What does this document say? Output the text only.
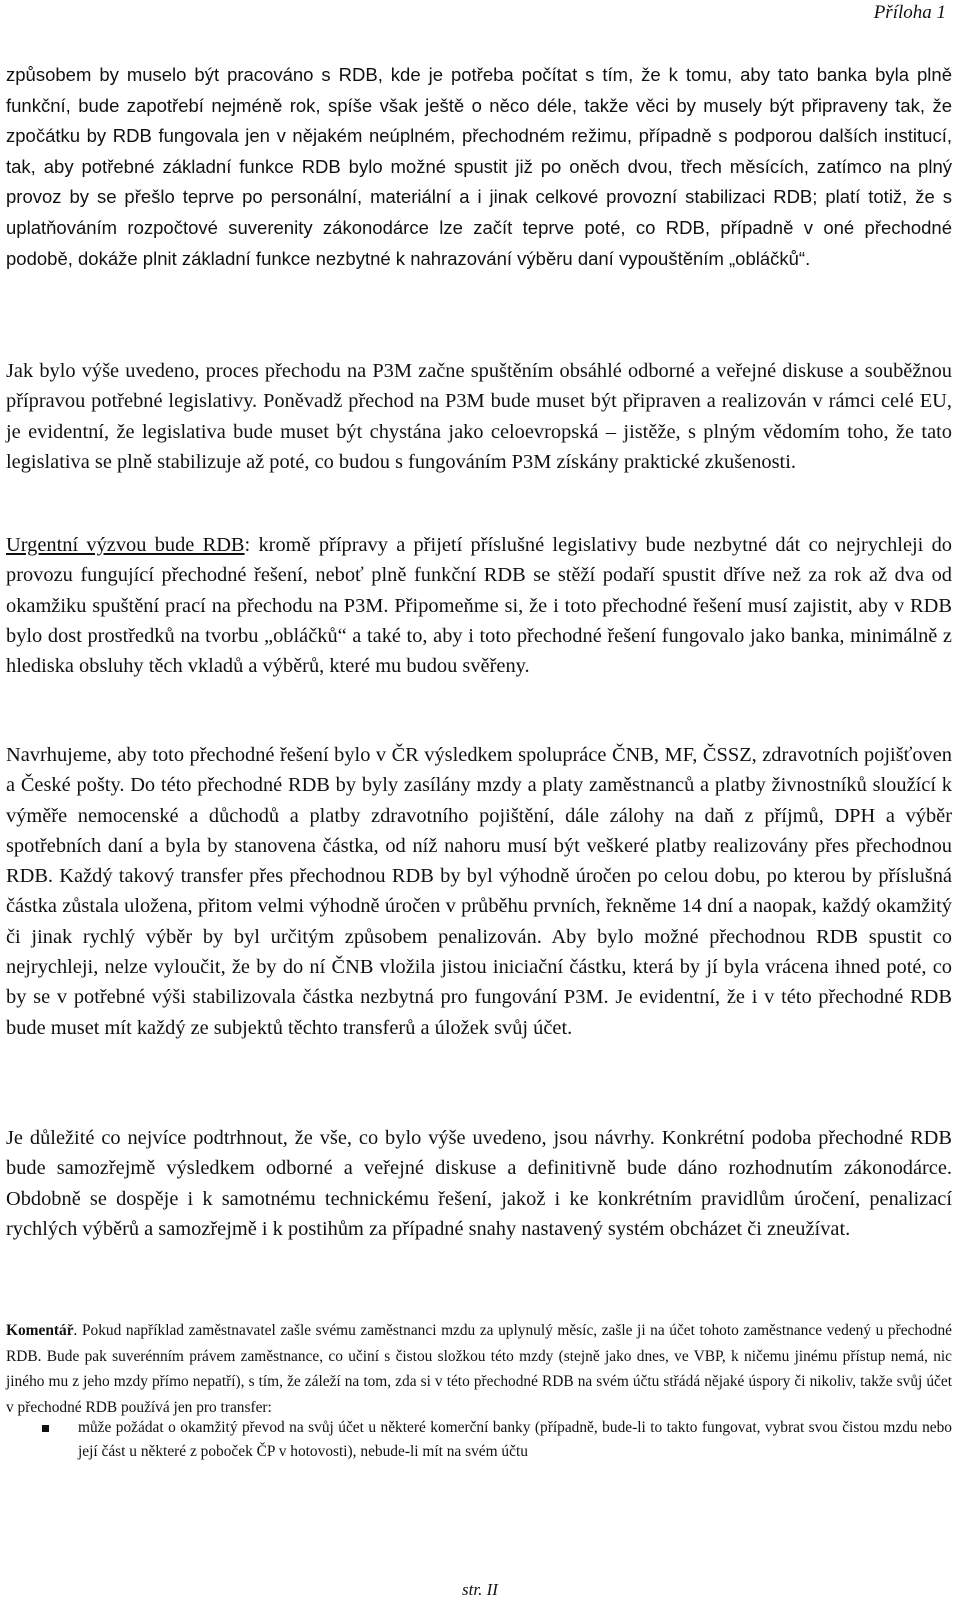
Příloha 1

způsobem by muselo být pracováno s RDB, kde je potřeba počítat s tím, že k tomu, aby tato banka byla plně funkční, bude zapotřebí nejméně rok, spíše však ještě o něco déle, takže věci by musely být připraveny tak, že zpočátku by RDB fungovala jen v nějakém neúplném, přechodném režimu, případně s podporou dalších institucí, tak, aby potřebné základní funkce RDB bylo možné spustit již po oněch dvou, třech měsících, zatímco na plný provoz by se přešlo teprve po personální, materiální a i jinak celkové provozní stabilizaci RDB; platí totiž, že s uplatňováním rozpočtové suverenity zákonodárce lze začít teprve poté, co RDB, případně v oné přechodné podobě, dokáže plnit základní funkce nezbytné k nahrazování výběru daní vypouštěním „obláčků“.

Jak bylo výše uvedeno, proces přechodu na P3M začne spuštěním obsáhlé odborné a veřejné diskuse a souběžnou přípravou potřebné legislativy. Poněvadž přechod na P3M bude muset být připraven a realizován v rámci celé EU, je evidentní, že legislativa bude muset být chystána jako celoevropská – jistěže, s plným vědomím toho, že tato legislativa se plně stabilizuje až poté, co budou s fungováním P3M získány praktické zkušenosti.

Urgentní výzvou bude RDB: kromě přípravy a přijetí příslušné legislativy bude nezbytné dát co nejrychleji do provozu fungující přechodné řešení, neboť plně funkční RDB se stěží podaří spustit dříve než za rok až dva od okamžiku spuštění prací na přechodu na P3M. Připomeňme si, že i toto přechodné řešení musí zajistit, aby v RDB bylo dost prostředků na tvorbu „obláčků“ a také to, aby i toto přechodné řešení fungovalo jako banka, minimálně z hlediska obsluhy těch vkladů a výběrů, které mu budou svěřeny.

Navrhujeme, aby toto přechodné řešení bylo v ČR výsledkem spolupráce ČNB, MF, ČSSZ, zdravotních pojišťoven a České pošty. Do této přechodné RDB by byly zasílány mzdy a platy zaměstnanců a platby živnostníků sloužící k výměře nemocenské a důchodů a platby zdravotního pojištění, dále zálohy na daň z příjmů, DPH a výběr spotřebních daní a byla by stanovena částka, od níž nahoru musí být veškeré platby realizovány přes přechodnou RDB. Každý takový transfer přes přechodnou RDB by byl výhodně úročen po celou dobu, po kterou by příslušná částka zůstala uložena, přitom velmi výhodně úročen v průběhu prvních, řekněme 14 dní a naopak, každý okamžitý či jinak rychlý výběr by byl určitým způsobem penalizován. Aby bylo možné přechodnou RDB spustit co nejrychleji, nelze vyloučit, že by do ní ČNB vložila jistou iniciační částku, která by jí byla vrácena ihned poté, co by se v potřebné výši stabilizovala částka nezbytná pro fungování P3M. Je evidentní, že i v této přechodné RDB bude muset mít každý ze subjektů těchto transferů a úložek svůj účet.

Je důležité co nejvíce podtrhnout, že vše, co bylo výše uvedeno, jsou návrhy. Konkrétní podoba přechodné RDB bude samozřejmě výsledkem odborné a veřejné diskuse a definitivně bude dáno rozhodnutím zákonodárce. Obdobně se dospěje i k samotnému technickému řešení, jakož i ke konkrétním pravidlům úročení, penalizací rychlých výběrů a samozřejmě i k postihům za případné snahy nastavený systém obcházet či zneužívat.

Komentář. Pokud například zaměstnavatel zašle svému zaměstnanci mzdu za uplynulý měsíc, zašle ji na účet tohoto zaměstnance vedený u přechodné RDB. Bude pak suverénním právem zaměstnance, co učiní s čistou složkou této mzdy (stejně jako dnes, ve VBP, k ničemu jinému přístup nemá, nic jiného mu z jeho mzdy přímo nepatří), s tím, že záleží na tom, zda si v této přechodné RDB na svém účtu střádá nějaké úspory či nikoliv, takže svůj účet v přechodné RDB používá jen pro transfer:

může požádat o okamžitý převod na svůj účet u některé komerční banky (případně, bude-li to takto fungovat, vybrat svou čistou mzdu nebo její část u některé z poboček ČP v hotovosti), nebude-li mít na svém účtu

str. II
